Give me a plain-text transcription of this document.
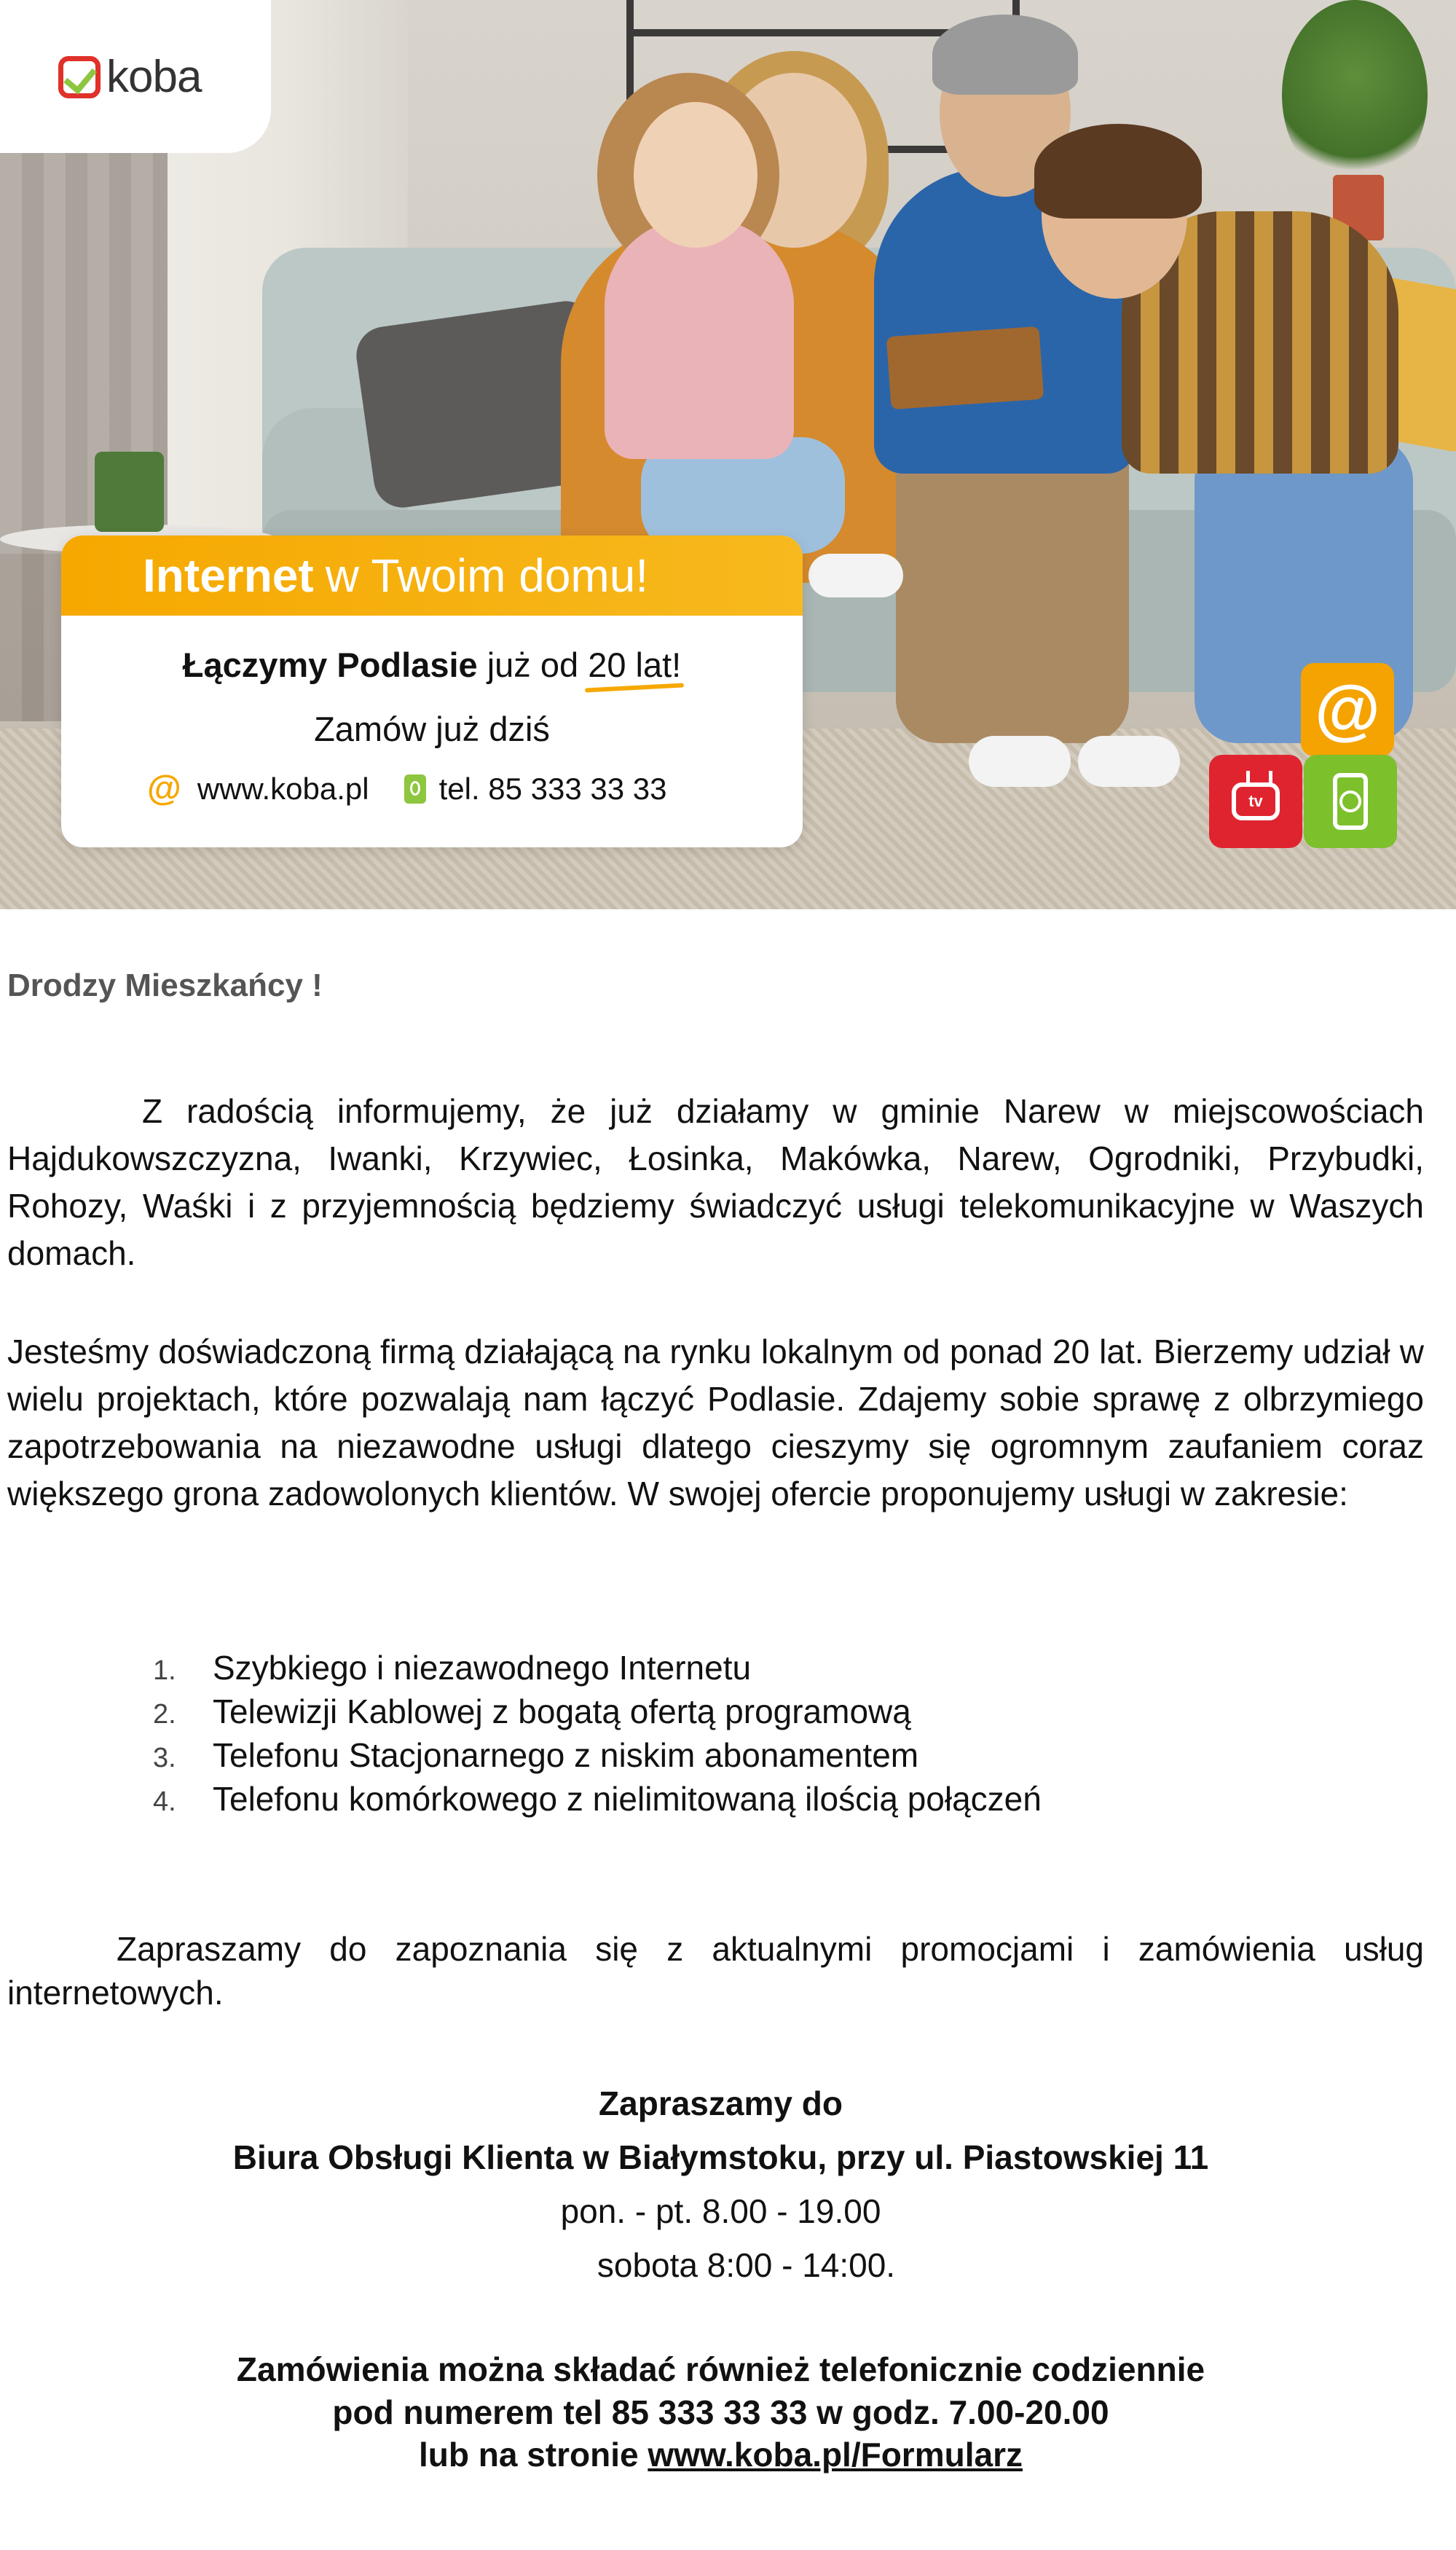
koba
Internet w Twoim domu!
Łączymy Podlasie już od 20 lat!
Zamów już dziś
@ www.koba.pl tel. 85 333 33 33
@
tv

Drodzy Mieszkańcy !

Z radością informujemy, że już działamy w gminie Narew w miejscowościach Hajdukowszczyzna, Iwanki, Krzywiec, Łosinka, Makówka, Narew, Ogrodniki, Przybudki, Rohozy, Waśki i z przyjemnością będziemy świadczyć usługi telekomunikacyjne w Waszych domach.

Jesteśmy doświadczoną firmą działającą na rynku lokalnym od ponad 20 lat. Bierzemy udział w wielu projektach, które pozwalają nam łączyć Podlasie. Zdajemy sobie sprawę z olbrzymiego zapotrzebowania na niezawodne usługi dlatego cieszymy się ogromnym zaufaniem coraz większego grona zadowolonych klientów. W swojej ofercie proponujemy usługi w zakresie:

1.	Szybkiego i niezawodnego Internetu
2.	Telewizji Kablowej z bogatą ofertą programową
3.	Telefonu Stacjonarnego z niskim abonamentem
4.	Telefonu komórkowego z nielimitowaną ilością połączeń

Zapraszamy do zapoznania się z aktualnymi promocjami i zamówienia usług internetowych.

Zapraszamy do
Biura Obsługi Klienta w Białymstoku, przy ul. Piastowskiej 11
pon. - pt. 8.00 - 19.00
sobota 8:00 - 14:00.
Zamówienia można składać również telefonicznie codziennie
pod numerem tel 85 333 33 33 w godz. 7.00-20.00
lub na stronie www.koba.pl/Formularz
